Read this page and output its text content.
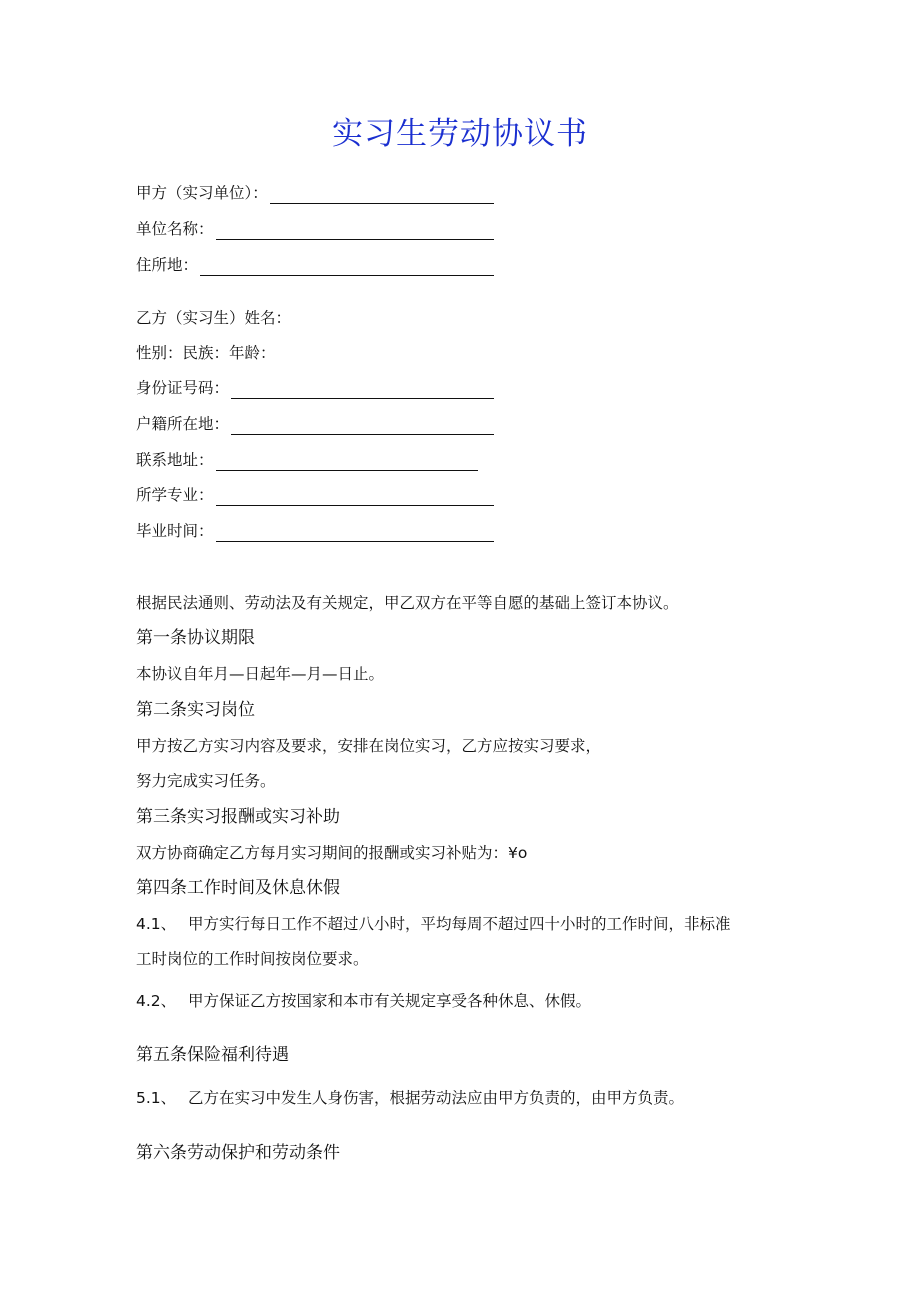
实习生劳动协议书
甲方（实习单位）：
单位名称：
住所地：
乙方（实习生）姓名：
性别：民族：年龄：
身份证号码：
户籍所在地：
联系地址：
所学专业：
毕业时间：
根据民法通则、劳动法及有关规定，甲乙双方在平等自愿的基础上签订本协议。
第一条协议期限
本协议自年月—日起年—月—日止。
第二条实习岗位
甲方按乙方实习内容及要求，安排在岗位实习，乙方应按实习要求，
努力完成实习任务。
第三条实习报酬或实习补助
双方协商确定乙方每月实习期间的报酬或实习补贴为：¥o
第四条工作时间及休息休假
4.1、 甲方实行每日工作不超过八小时，平均每周不超过四十小时的工作时间，非标准
工时岗位的工作时间按岗位要求。
4.2、 甲方保证乙方按国家和本市有关规定享受各种休息、休假。
第五条保险福利待遇
5.1、 乙方在实习中发生人身伤害，根据劳动法应由甲方负责的，由甲方负责。
第六条劳动保护和劳动条件
